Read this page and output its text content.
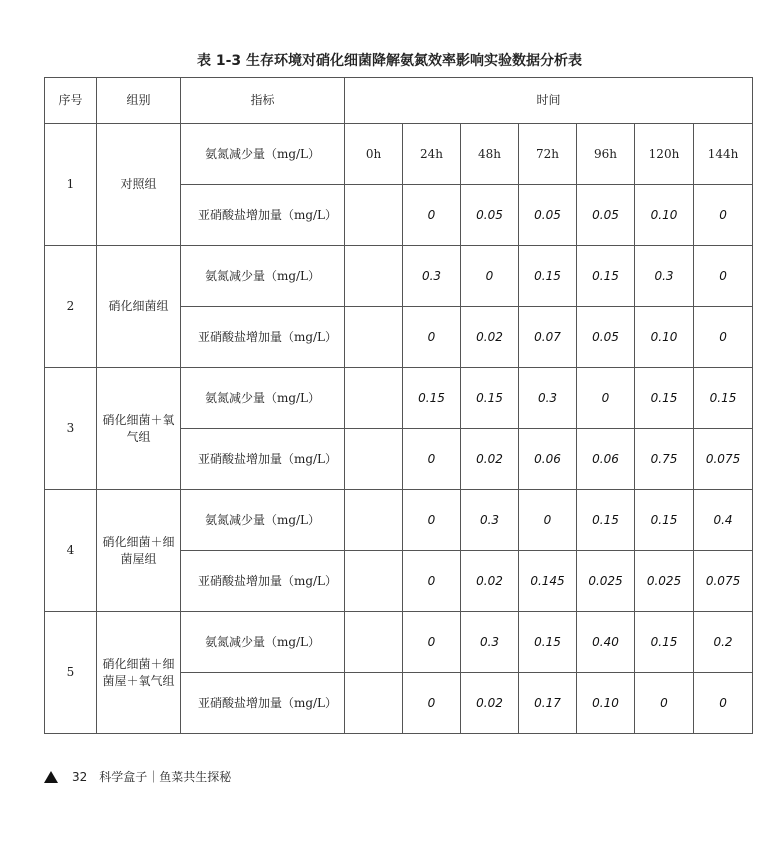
表 1-3 生存环境对硝化细菌降解氨氮效率影响实验数据分析表
序号	组别	指标	时间						
1	对照组	氨氮减少量（mg/L）	0h	24h	48h	72h	96h	120h	144h
		亚硝酸盐增加量（mg/L）		0	0.05	0.05	0.05	0.10	0
2	硝化细菌组	氨氮减少量（mg/L）		0.3	0	0.15	0.15	0.3	0
		亚硝酸盐增加量（mg/L）		0	0.02	0.07	0.05	0.10	0
3	硝化细菌＋氧气组	氨氮减少量（mg/L）		0.15	0.15	0.3	0	0.15	0.15
		亚硝酸盐增加量（mg/L）		0	0.02	0.06	0.06	0.75	0.075
4	硝化细菌＋细菌屋组	氨氮减少量（mg/L）		0	0.3	0	0.15	0.15	0.4
		亚硝酸盐增加量（mg/L）		0	0.02	0.145	0.025	0.025	0.075
5	硝化细菌＋细菌屋＋氧气组	氨氮减少量（mg/L）		0	0.3	0.15	0.40	0.15	0.2
		亚硝酸盐增加量（mg/L）		0	0.02	0.17	0.10	0	0
32 科学盒子｜鱼菜共生探秘
